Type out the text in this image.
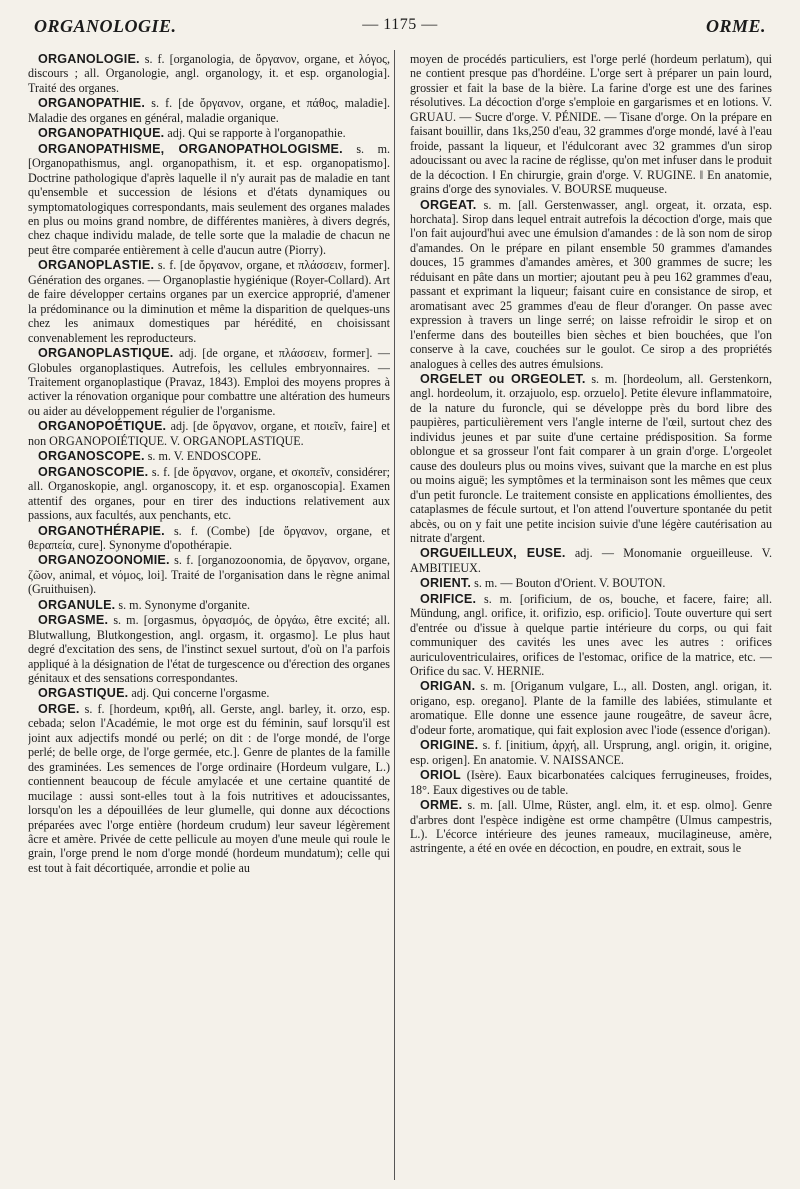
ORGANOLOGIE.	— 1175 —	ORME.

ORGANOLOGIE. s. f. [organologia, de ὄργανον, organe, et λόγος, discours ; all. Organologie, angl. organology, it. et esp. organologia]. Traité des organes.

ORGANOPATHIE. s. f. [de ὄργανον, organe, et πάθος, maladie]. Maladie des organes en général, maladie organique.

ORGANOPATHIQUE. adj. Qui se rapporte à l'organopathie.

ORGANOPATHISME, ORGANOPATHOLOGISME. s. m. [Organopathismus, angl. organopathism, it. et esp. organopatismo]. Doctrine pathologique d'après laquelle il n'y aurait pas de maladie en tant qu'ensemble et succession de lésions et d'états dynamiques ou symptomatologiques correspondants, mais seulement des organes malades en plus ou moins grand nombre, de différentes manières, à divers degrés, chez chaque individu malade, de telle sorte que la maladie de chacun ne peut être comparée entièrement à celle d'aucun autre (Piorry).

ORGANOPLASTIE. s. f. [de ὄργανον, organe, et πλάσσειν, former]. Génération des organes. — Organoplastie hygiénique (Royer-Collard). Art de faire développer certains organes par un exercice approprié, d'amener la prédominance ou la diminution et même la disparition de quelques-uns chez les animaux domestiques par hérédité, en choisissant convenablement les reproducteurs.

ORGANOPLASTIQUE. adj. [de organe, et πλάσσειν, former]. — Globules organoplastiques. Autrefois, les cellules embryonnaires. — Traitement organoplastique (Pravaz, 1843). Emploi des moyens propres à activer la rénovation organique pour combattre une altération des humeurs ou aider au développement régulier de l'organisme.

ORGANOPOÉTIQUE. adj. [de ὄργανον, organe, et ποιεῖν, faire] et non ORGANOPOIÉTIQUE. V. ORGANOPLASTIQUE.

ORGANOSCOPE. s. m. V. ENDOSCOPE.

ORGANOSCOPIE. s. f. [de ὄργανον, organe, et σκοπεῖν, considérer; all. Organoskopie, angl. organoscopy, it. et esp. organoscopia]. Examen attentif des organes, pour en tirer des inductions relativement aux passions, aux facultés, aux penchants, etc.

ORGANOTHÉRAPIE. s. f. (Combe) [de ὄργανον, organe, et θεραπεία, cure]. Synonyme d'opothérapie.

ORGANOZOONOMIE. s. f. [organozoonomia, de ὄργανον, organe, ζῶον, animal, et νόμος, loi]. Traité de l'organisation dans le règne animal (Gruithuisen).

ORGANULE. s. m. Synonyme d'organite.

ORGASME. s. m. [orgasmus, ὀργασμός, de ὀργάω, être excité; all. Blutwallung, Blutkongestion, angl. orgasm, it. orgasmo]. Le plus haut degré d'excitation des sens, de l'instinct sexuel surtout, d'où on l'a parfois appliqué à la désignation de l'état de turgescence ou d'érection des organes génitaux et des sensations correspondantes.

ORGASTIQUE. adj. Qui concerne l'orgasme.

ORGE. s. f. [hordeum, κριθή, all. Gerste, angl. barley, it. orzo, esp. cebada; selon l'Académie, le mot orge est du féminin, sauf lorsqu'il est joint aux adjectifs mondé ou perlé; on dit : de l'orge mondé, de l'orge perlé; de belle orge, de l'orge germée, etc.]. Genre de plantes de la famille des graminées. Les semences de l'orge ordinaire (Hordeum vulgare, L.) contiennent beaucoup de fécule amylacée et une certaine quantité de mucilage : aussi sont-elles tout à la fois nutritives et adoucissantes, lorsqu'on les a dépouillées de leur glumelle, qui donne aux décoctions préparées avec l'orge entière (hordeum crudum) leur saveur légèrement âcre et amère. Privée de cette pellicule au moyen d'une meule qui roule le grain, l'orge prend le nom d'orge mondé (hordeum mundatum); celle qui est tout à fait décortiquée, arrondie et polie au

moyen de procédés particuliers, est l'orge perlé (hordeum perlatum), qui ne contient presque pas d'hordéine. L'orge sert à préparer un pain lourd, grossier et fait la base de la bière. La farine d'orge est une des farines résolutives. La décoction d'orge s'emploie en gargarismes et en lotions. V. GRUAU. — Sucre d'orge. V. PÉNIDE. — Tisane d'orge. On la prépare en faisant bouillir, dans 1ks,250 d'eau, 32 grammes d'orge mondé, lavé à l'eau froide, passant la liqueur, et l'édulcorant avec 32 grammes d'un sirop adoucissant ou avec la racine de réglisse, qu'on met infuser dans le produit de la décoction. ‖ En chirurgie, grain d'orge. V. RUGINE. ‖ En anatomie, grains d'orge des synoviales. V. BOURSE muqueuse.

ORGEAT. s. m. [all. Gerstenwasser, angl. orgeat, it. orzata, esp. horchata]. Sirop dans lequel entrait autrefois la décoction d'orge, mais que l'on fait aujourd'hui avec une émulsion d'amandes : de là son nom de sirop d'amandes. On le prépare en pilant ensemble 50 grammes d'amandes douces, 15 grammes d'amandes amères, et 300 grammes de sucre; les réduisant en pâte dans un mortier; ajoutant peu à peu 162 grammes d'eau, passant et exprimant la liqueur; faisant cuire en consistance de sirop, et aromatisant avec 25 grammes d'eau de fleur d'oranger. On passe avec expression à travers un linge serré; on laisse refroidir le sirop et on l'enferme dans des bouteilles bien sèches et bien bouchées, que l'on conserve à la cave, couchées sur le goulot. Ce sirop a des propriétés analogues à celles des autres émulsions.

ORGELET ou ORGEOLET. s. m. [hordeolum, all. Gerstenkorn, angl. hordeolum, it. orzajuolo, esp. orzuelo]. Petite élevure inflammatoire, de la nature du furoncle, qui se développe près du bord libre des paupières, particulièrement vers l'angle interne de l'œil, surtout chez des individus jeunes et par suite d'une certaine prédisposition. Sa forme oblongue et sa grosseur l'ont fait comparer à un grain d'orge. L'orgeolet cause des douleurs plus ou moins vives, suivant que la marche en est plus ou moins aiguë; les symptômes et la terminaison sont les mêmes que ceux d'un petit furoncle. Le traitement consiste en applications émollientes, des cataplasmes de fécule surtout, et l'on attend l'ouverture spontanée du petit abcès, ou on y fait une petite incision suivie d'une légère cautérisation au nitrate d'argent.

ORGUEILLEUX, EUSE. adj. — Monomanie orgueilleuse. V. AMBITIEUX.

ORIENT. s. m. — Bouton d'Orient. V. BOUTON.

ORIFICE. s. m. [orificium, de os, bouche, et facere, faire; all. Mündung, angl. orifice, it. orifizio, esp. orificio]. Toute ouverture qui sert d'entrée ou d'issue à quelque partie intérieure du corps, ou qui fait communiquer des cavités les unes avec les autres : orifices auriculoventriculaires, orifices de l'estomac, orifice de la matrice, etc. — Orifice du sac. V. HERNIE.

ORIGAN. s. m. [Origanum vulgare, L., all. Dosten, angl. origan, it. origano, esp. oregano]. Plante de la famille des labiées, stimulante et aromatique. Elle donne une essence jaune rougeâtre, de saveur âcre, d'odeur forte, aromatique, qui fait explosion avec l'iode (essence d'origan).

ORIGINE. s. f. [initium, ἀρχή, all. Ursprung, angl. origin, it. origine, esp. origen]. En anatomie. V. NAISSANCE.

ORIOL (Isère). Eaux bicarbonatées calciques ferrugineuses, froides, 18°. Eaux digestives ou de table.

ORME. s. m. [all. Ulme, Rüster, angl. elm, it. et esp. olmo]. Genre d'arbres dont l'espèce indigène est orme champêtre (Ulmus campestris, L.). L'écorce intérieure des jeunes rameaux, mucilagineuse, amère, astringente, a été en ovée en décoction, en poudre, en extrait, sous le
